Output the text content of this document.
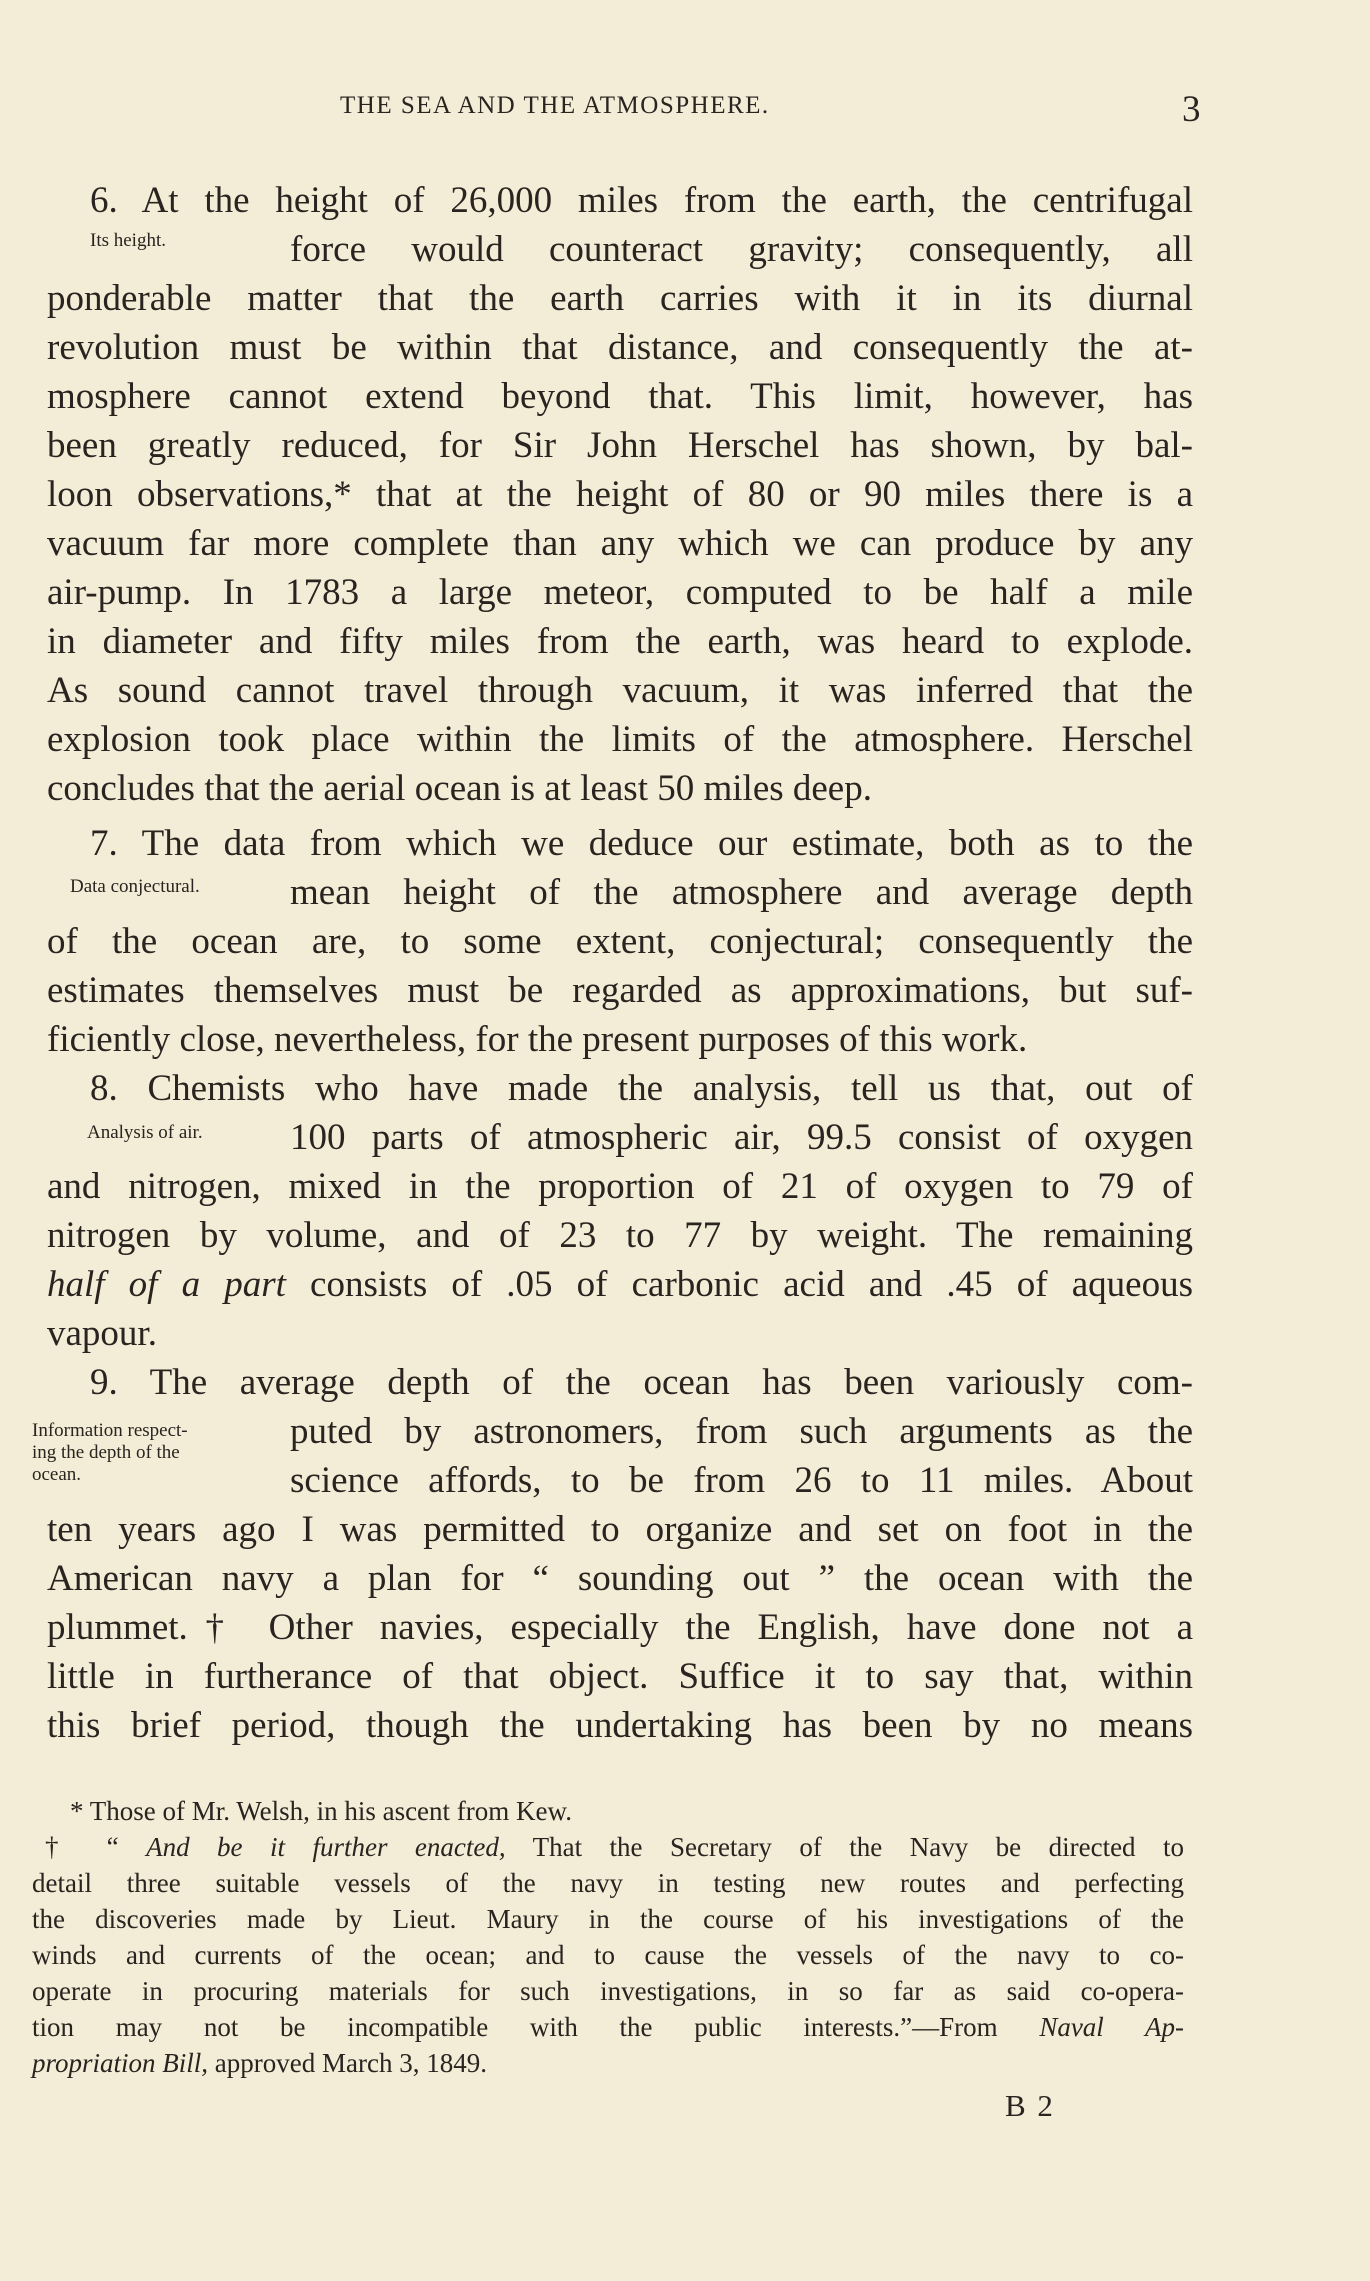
THE SEA AND THE ATMOSPHERE.	3
6. At the height of 26,000 miles from the earth, the centrifugal
Its height.	force would counteract gravity; consequently, all
ponderable matter that the earth carries with it in its diurnal
revolution must be within that distance, and consequently the at-
mosphere cannot extend beyond that. This limit, however, has
been greatly reduced, for Sir John Herschel has shown, by bal-
loon observations,* that at the height of 80 or 90 miles there is a
vacuum far more complete than any which we can produce by any
air-pump. In 1783 a large meteor, computed to be half a mile
in diameter and fifty miles from the earth, was heard to explode.
As sound cannot travel through vacuum, it was inferred that the
explosion took place within the limits of the atmosphere. Herschel
concludes that the aerial ocean is at least 50 miles deep.
7. The data from which we deduce our estimate, both as to the
Data conjectural. mean height of the atmosphere and average depth
of the ocean are, to some extent, conjectural; consequently the
estimates themselves must be regarded as approximations, but suf-
ficiently close, nevertheless, for the present purposes of this work.
8. Chemists who have made the analysis, tell us that, out of
Analysis of air. 100 parts of atmospheric air, 99.5 consist of oxygen
and nitrogen, mixed in the proportion of 21 of oxygen to 79 of
nitrogen by volume, and of 23 to 77 by weight. The remaining
half of a part consists of .05 of carbonic acid and .45 of aqueous
vapour.
9. The average depth of the ocean has been variously com-
Information respect-
ing the depth of the
ocean.
puted by astronomers, from such arguments as the
science affords, to be from 26 to 11 miles. About
ten years ago I was permitted to organize and set on foot in the
American navy a plan for “ sounding out ” the ocean with the
plummet.† Other navies, especially the English, have done not a
little in furtherance of that object. Suffice it to say that, within
this brief period, though the undertaking has been by no means
* Those of Mr. Welsh, in his ascent from Kew.
† “ And be it further enacted, That the Secretary of the Navy be directed to
detail three suitable vessels of the navy in testing new routes and perfecting
the discoveries made by Lieut. Maury in the course of his investigations of the
winds and currents of the ocean; and to cause the vessels of the navy to co-
operate in procuring materials for such investigations, in so far as said co-opera-
tion may not be incompatible with the public interests.”—From Naval Ap-
propriation Bill, approved March 3, 1849.
B 2
